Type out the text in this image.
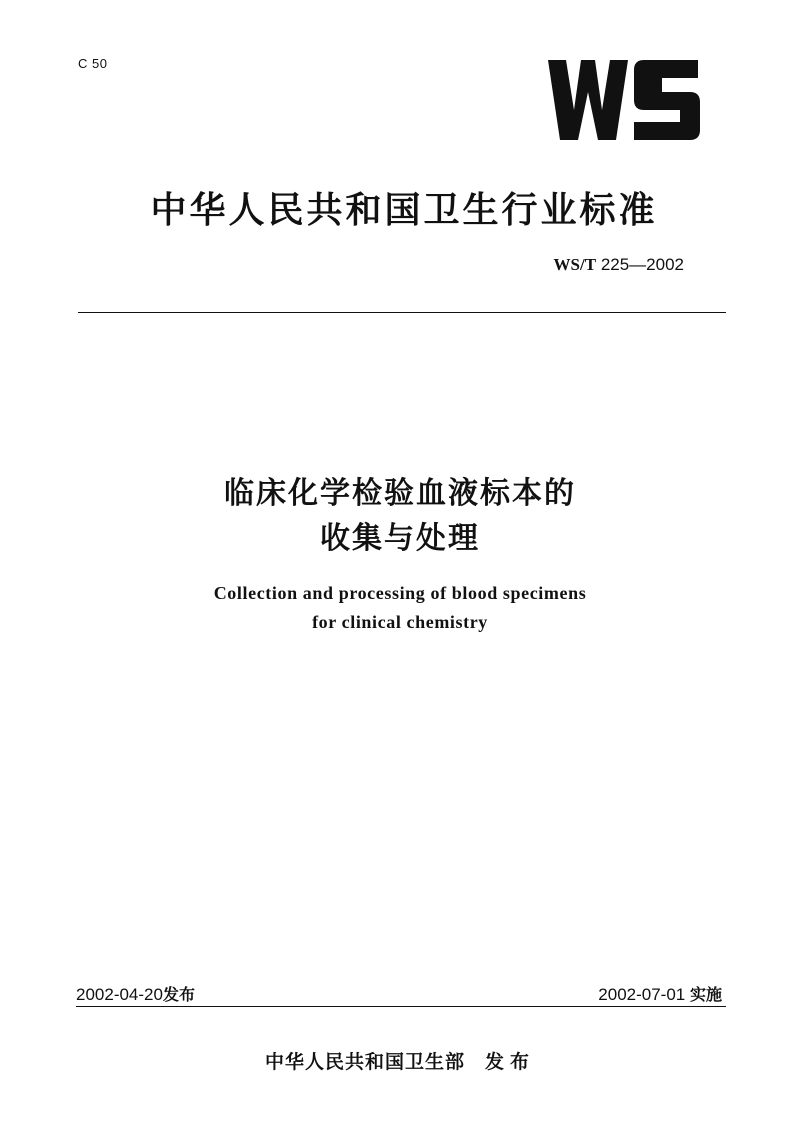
C 50
中华人民共和国卫生行业标准
WS/T 225—2002
临床化学检验血液标本的
收集与处理
Collection and processing of blood specimens
for clinical chemistry
2002-04-20发布	2002-07-01 实施
中华人民共和国卫生部 发布
